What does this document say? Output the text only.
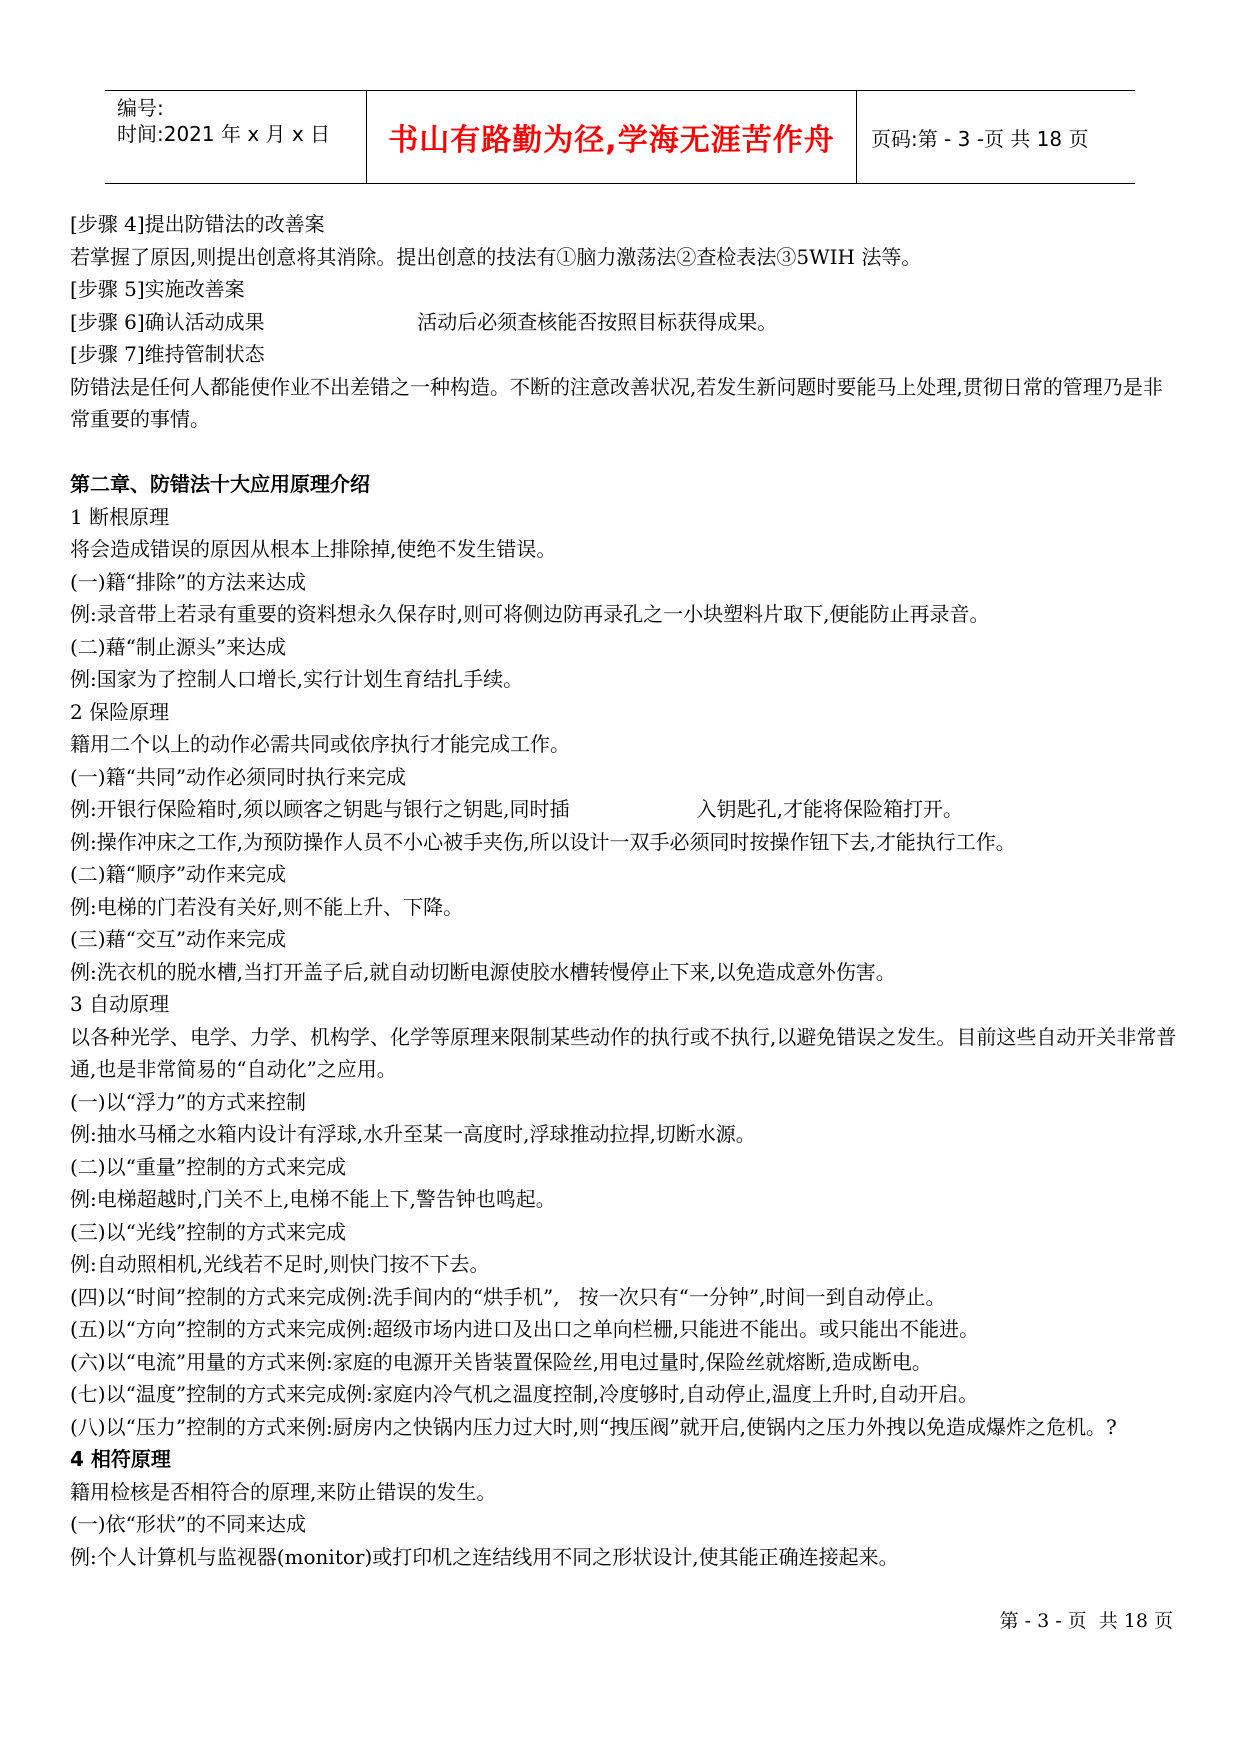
编号:
时间:2021 年 x 月 x 日	书山有路勤为径,学海无涯苦作舟	页码:第 - 3 -页 共 18 页

[步骤 4]提出防错法的改善案

若掌握了原因,则提出创意将其消除。提出创意的技法有①脑力激荡法②查检表法③5WIH 法等。

[步骤 5]实施改善案

[步骤 6]确认活动成果                        活动后必须查核能否按照目标获得成果。

[步骤 7]维持管制状态

防错法是任何人都能使作业不出差错之一种构造。不断的注意改善状况,若发生新问题时要能马上处理,贯彻日常的管理乃是非常重要的事情。

第二章、防错法十大应用原理介绍

1 断根原理

将会造成错误的原因从根本上排除掉,使绝不发生错误。

(一)籍“排除”的方法来达成

例:录音带上若录有重要的资料想永久保存时,则可将侧边防再录孔之一小块塑料片取下,便能防止再录音。

(二)藉“制止源头”来达成

例:国家为了控制人口增长,实行计划生育结扎手续。

2 保险原理

籍用二个以上的动作必需共同或依序执行才能完成工作。

(一)籍“共同”动作必须同时执行来完成

例:开银行保险箱时,须以顾客之钥匙与银行之钥匙,同时插                    入钥匙孔,才能将保险箱打开。

例:操作冲床之工作,为预防操作人员不小心被手夹伤,所以设计一双手必须同时按操作钮下去,才能执行工作。

(二)籍“顺序”动作来完成

例:电梯的门若没有关好,则不能上升、下降。

(三)藉“交互”动作来完成

例:洗衣机的脱水槽,当打开盖子后,就自动切断电源使胶水槽转慢停止下来,以免造成意外伤害。

3 自动原理

以各种光学、电学、力学、机构学、化学等原理来限制某些动作的执行或不执行,以避免错误之发生。目前这些自动开关非常普通,也是非常简易的“自动化”之应用。

(一)以“浮力”的方式来控制

例:抽水马桶之水箱内设计有浮球,水升至某一高度时,浮球推动拉捍,切断水源。

(二)以“重量”控制的方式来完成

例:电梯超越时,门关不上,电梯不能上下,警告钟也鸣起。

(三)以“光线”控制的方式来完成

例:自动照相机,光线若不足时,则快门按不下去。

(四)以“时间”控制的方式来完成例:洗手间内的“烘手机”,   按一次只有“一分钟”,时间一到自动停止。

(五)以“方向”控制的方式来完成例:超级市场内进口及出口之单向栏栅,只能进不能出。或只能出不能进。

(六)以“电流”用量的方式来例:家庭的电源开关皆装置保险丝,用电过量时,保险丝就熔断,造成断电。

(七)以“温度”控制的方式来完成例:家庭内冷气机之温度控制,冷度够时,自动停止,温度上升时,自动开启。

(八)以“压力”控制的方式来例:厨房内之快锅内压力过大时,则“拽压阀”就开启,使锅内之压力外拽以免造成爆炸之危机。?

4 相符原理

籍用检核是否相符合的原理,来防止错误的发生。

(一)依“形状”的不同来达成

例:个人计算机与监视器(monitor)或打印机之连结线用不同之形状设计,使其能正确连接起来。

第 - 3 - 页  共 18 页
